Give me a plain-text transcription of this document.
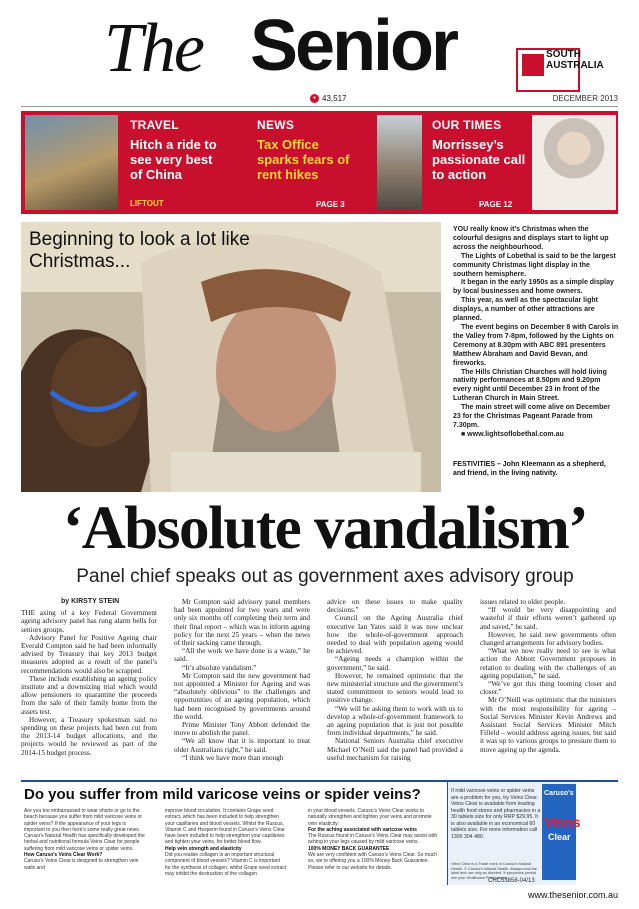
The Senior	SOUTH
AUSTRALIA
● 43,517	DECEMBER 2013
TRAVEL
Hitch a ride to see very best of China
LIFTOUT
NEWS
Tax Office sparks fears of rent hikes
PAGE 3
OUR TIMES
Morrissey’s passionate call to action
PAGE 12
Beginning to look a lot like Christmas...

YOU really know it’s Christmas when the colourful designs and displays start to light up across the neighbourhood.

The Lights of Lobethal is said to be the largest community Christmas light display in the southern hemisphere.

It began in the early 1950s as a simple display by local businesses and home owners.

This year, as well as the spectacular light displays, a number of other attractions are planned.

The event begins on December 8 with Carols in the Valley from 7-8pm, followed by the Lights on Ceremony at 8.30pm with ABC 891 presenters Matthew Abraham and David Bevan, and fireworks.

The Hills Christian Churches will hold living nativity performances at 8.50pm and 9.20pm every night until December 23 in front of the Lutheran Church in Main Street.

The main street will come alive on December 23 for the Christmas Pageant Parade from 7.30pm.

■ www.lightsoflobethal.com.au

FESTIVITIES – John Kleemann as a shepherd, and friend, in the living nativity.
‘Absolute vandalism’
Panel chief speaks out as government axes advisory group

by KIRSTY STEIN

THE axing of a key Federal Government ageing advisory panel has rung alarm bells for seniors groups.

Advisory Panel for Positive Ageing chair Everald Compton said he had been informally advised by Treasury that key 2013 budget measures adopted as a result of the panel’s recommendations would also be scrapped.

These include establishing an ageing policy institute and a downsizing trial which would allow pensioners to quarantine the proceeds from the sale of their family home from the assets test.

However, a Treasury spokesman said no spending on these projects had been cut from the 2013-14 budget allocations, and the projects would be reviewed as part of the 2014-15 budget process.

Mr Compton said advisory panel members had been appointed for two years and were only six months off completing their term and their final report – which was to inform ageing policy for the next 25 years – when the news of their sacking came through.

“All the work we have done is a waste,” he said.

“It’s absolute vandalism.”

Mr Compton said the new government had not appointed a Minister for Ageing and was “absolutely oblivious” to the challenges and opportunities of an ageing population, which had been recognised by governments around the world.

Prime Minister Tony Abbott defended the move to abolish the panel.

“We all know that it is important to treat older Australians right,” he said.

“I think we have more than enough

advice on these issues to make quality decisions.”

Council on the Ageing Australia chief executive Ian Yates said it was now unclear how the whole-of-government approach needed to deal with population ageing would be achieved.

“Ageing needs a champion within the government,” he said.

However, he remained optimistic that the new ministerial structure and the government’s stated commitment to seniors would lead to positive change.

“We will be asking them to work with us to develop a whole-of-government framework to an ageing population that is just not possible from individual departments,” he said.

National Seniors Australia chief executive Michael O’Neill said the panel had provided a useful mechanism for raising

issues related to older people.

“If would be very disappointing and wasteful if their efforts weren’t gathered up and saved,” he said.

However, he said new governments often changed arrangements for advisory bodies.

“What we now really need to see is what action the Abbott Government proposes in relation to dealing with the challenges of an ageing population,” he said.

“We’ve got this thing looming closer and closer.”

Mr O’Neill was optimistic that the ministers with the most responsibility for ageing – Social Services Minister Kevin Andrews and Assistant Social Services Minister Mitch Fifield – would address ageing issues, but said it was up to various groups to pressure them to move ageing up the agenda.

Do you suffer from mild varicose veins or spider veins?
Are you too embarrassed to wear shorts or go to the beach because you suffer from mild varicose veins or spider veins? If the appearance of your legs is important to you then here’s some really great news. Caruso’s Natural Health has specifically developed the herbal and nutritional formula Veins Clear for people suffering from mild varicose veins or spider veins.
How Caruso’s Veins Clear Work?
Caruso’s Veins Clear is designed to strengthen vein walls and
improve blood circulation. It contains Grape seed extract, which has been included to help strengthen your capillaries and blood vessels. Whilst the Ruscus, Vitamin C and Hesperin found in Caruso’s Veins Clear have been included to help strengthen your capillaries and tighten your veins, for better blood flow.
Help vein strength and elasticity
Did you realise collagen is an important structural component of blood vessels? Vitamin C is important for the synthesis of collagen, whilst Grape seed extract may inhibit the destruction of the collagen
in your blood vessels. Caruso’s Veins Clear works to naturally strengthen and tighten your veins and promote vein elasticity.
For the aching associated with varicose veins
The Ruscus found in Caruso’s Veins Clear may assist with aching in your legs caused by mild varicose veins.
100% MONEY BACK GUARANTEE
We are very confident with Caruso’s Veins Clear. So much so, we’re offering you a 100% Money Back Guarantee. Please refer to our website for details.
If mild varicose veins or spider veins are a problem for you, try Veins Clear. Veins Clear is available from leading health food stores and pharmacies in a 30 tablets size for only RRP $29.95. It is also available in an economical 60 tablets size. For more information call 1300 304 480.
Veins Clear is a Trade mark of Caruso’s Natural Health. © Caruso’s Natural Health. Always read the label and use only as directed. If symptoms persist see your Healthcare Professional.
CHC53858-04/13
Caruso's
Veins
Clear
www.thesenior.com.au
